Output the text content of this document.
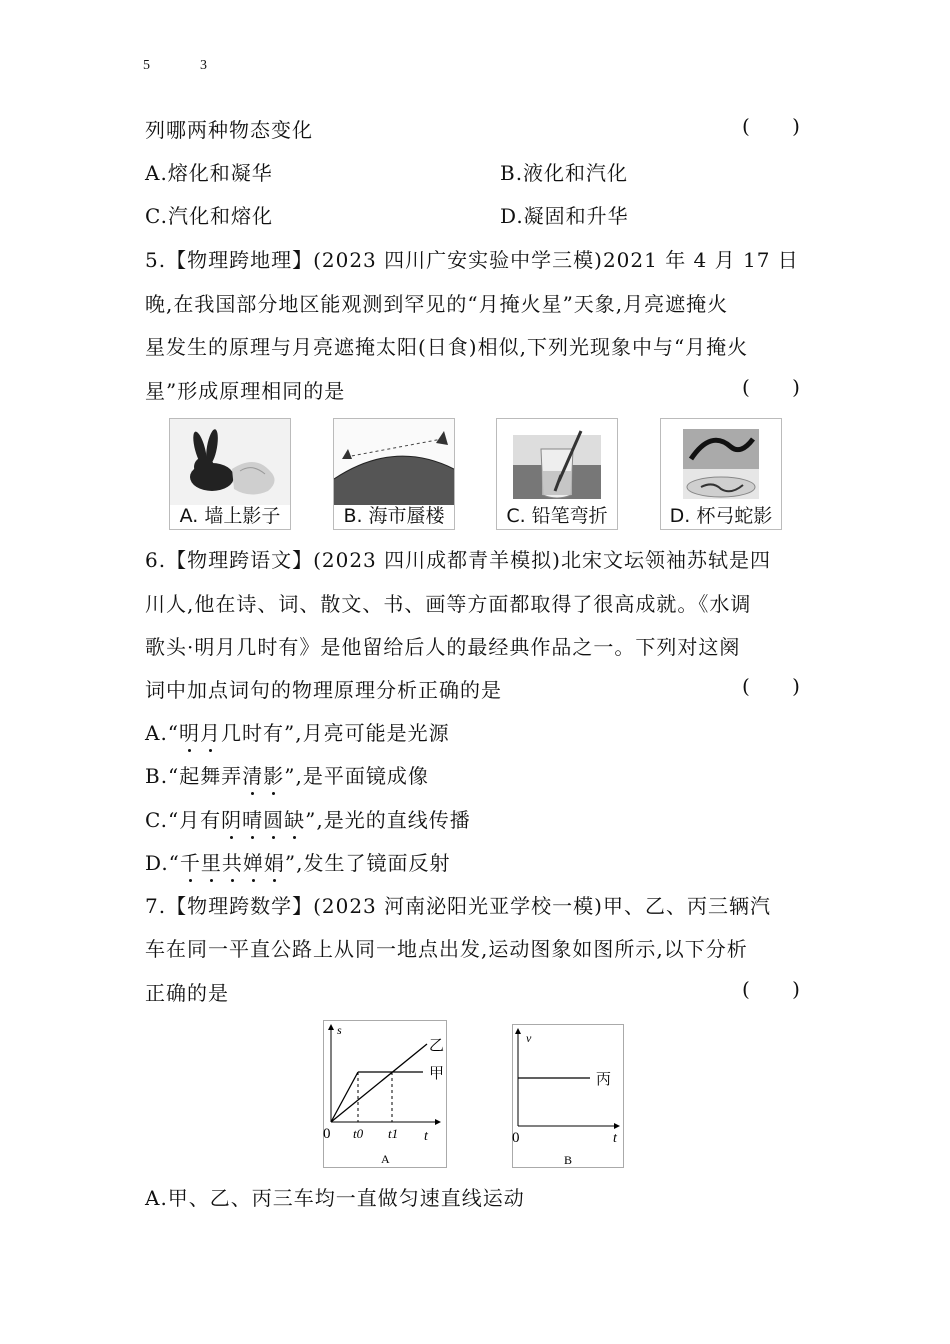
5	3
列哪两种物态变化	( )
A.熔化和凝华	B.液化和汽化
C.汽化和熔化	D.凝固和升华
5.【物理跨地理】(2023 四川广安实验中学三模)2021 年 4 月 17 日
晚,在我国部分地区能观测到罕见的“月掩火星”天象,月亮遮掩火
星发生的原理与月亮遮掩太阳(日食)相似,下列光现象中与“月掩火
星”形成原理相同的是	( )
A. 墙上影子	B. 海市蜃楼	C. 铅笔弯折	D. 杯弓蛇影
6.【物理跨语文】(2023 四川成都青羊模拟)北宋文坛领袖苏轼是四
川人,他在诗、词、散文、书、画等方面都取得了很高成就。《水调
歌头·明月几时有》是他留给后人的最经典作品之一。下列对这阕
词中加点词句的物理原理分析正确的是	( )
A.“明月几时有”,月亮可能是光源
B.“起舞弄清影”,是平面镜成像
C.“月有阴晴圆缺”,是光的直线传播
D.“千里共婵娟”,发生了镜面反射
7.【物理跨数学】(2023 河南泌阳光亚学校一模)甲、乙、丙三辆汽
车在同一平直公路上从同一地点出发,运动图象如图所示,以下分析
正确的是	( )
s
t
0 t0 t1
乙
甲
A
v
t
0
丙
B
A.甲、乙、丙三车均一直做匀速直线运动
